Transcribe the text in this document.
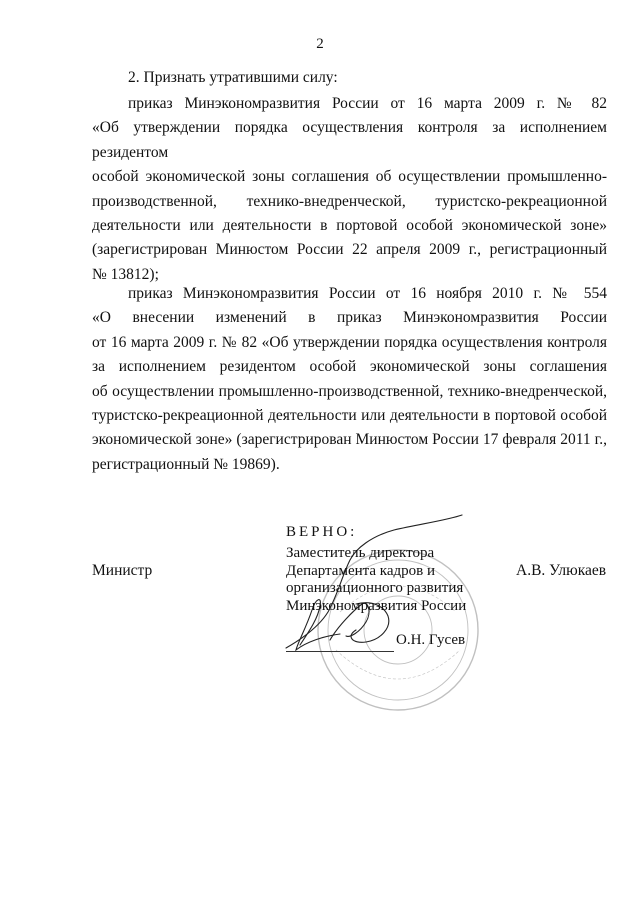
2
2. Признать утратившими силу:
приказ Минэкономразвития России от 16 марта 2009 г. № 82
«Об утверждении порядка осуществления контроля за исполнением резидентом
особой экономической зоны соглашения об осуществлении промышленно-
производственной, технико-внедренческой, туристско-рекреационной
деятельности или деятельности в портовой особой экономической зоне»
(зарегистрирован Минюстом России 22 апреля 2009 г., регистрационный
№ 13812);
приказ Минэкономразвития России от 16 ноября 2010 г. № 554
«О внесении изменений в приказ Минэкономразвития России
от 16 марта 2009 г. № 82 «Об утверждении порядка осуществления контроля
за исполнением резидентом особой экономической зоны соглашения
об осуществлении промышленно-производственной, технико-внедренческой,
туристско-рекреационной деятельности или деятельности в портовой особой
экономической зоне» (зарегистрирован Минюстом России 17 февраля 2011 г.,
регистрационный № 19869).
Министр	А.В. Улюкаев
ВЕРНО:
Заместитель директора
Департамента кадров и
организационного развития
Минэкономразвития России
О.Н. Гусев
